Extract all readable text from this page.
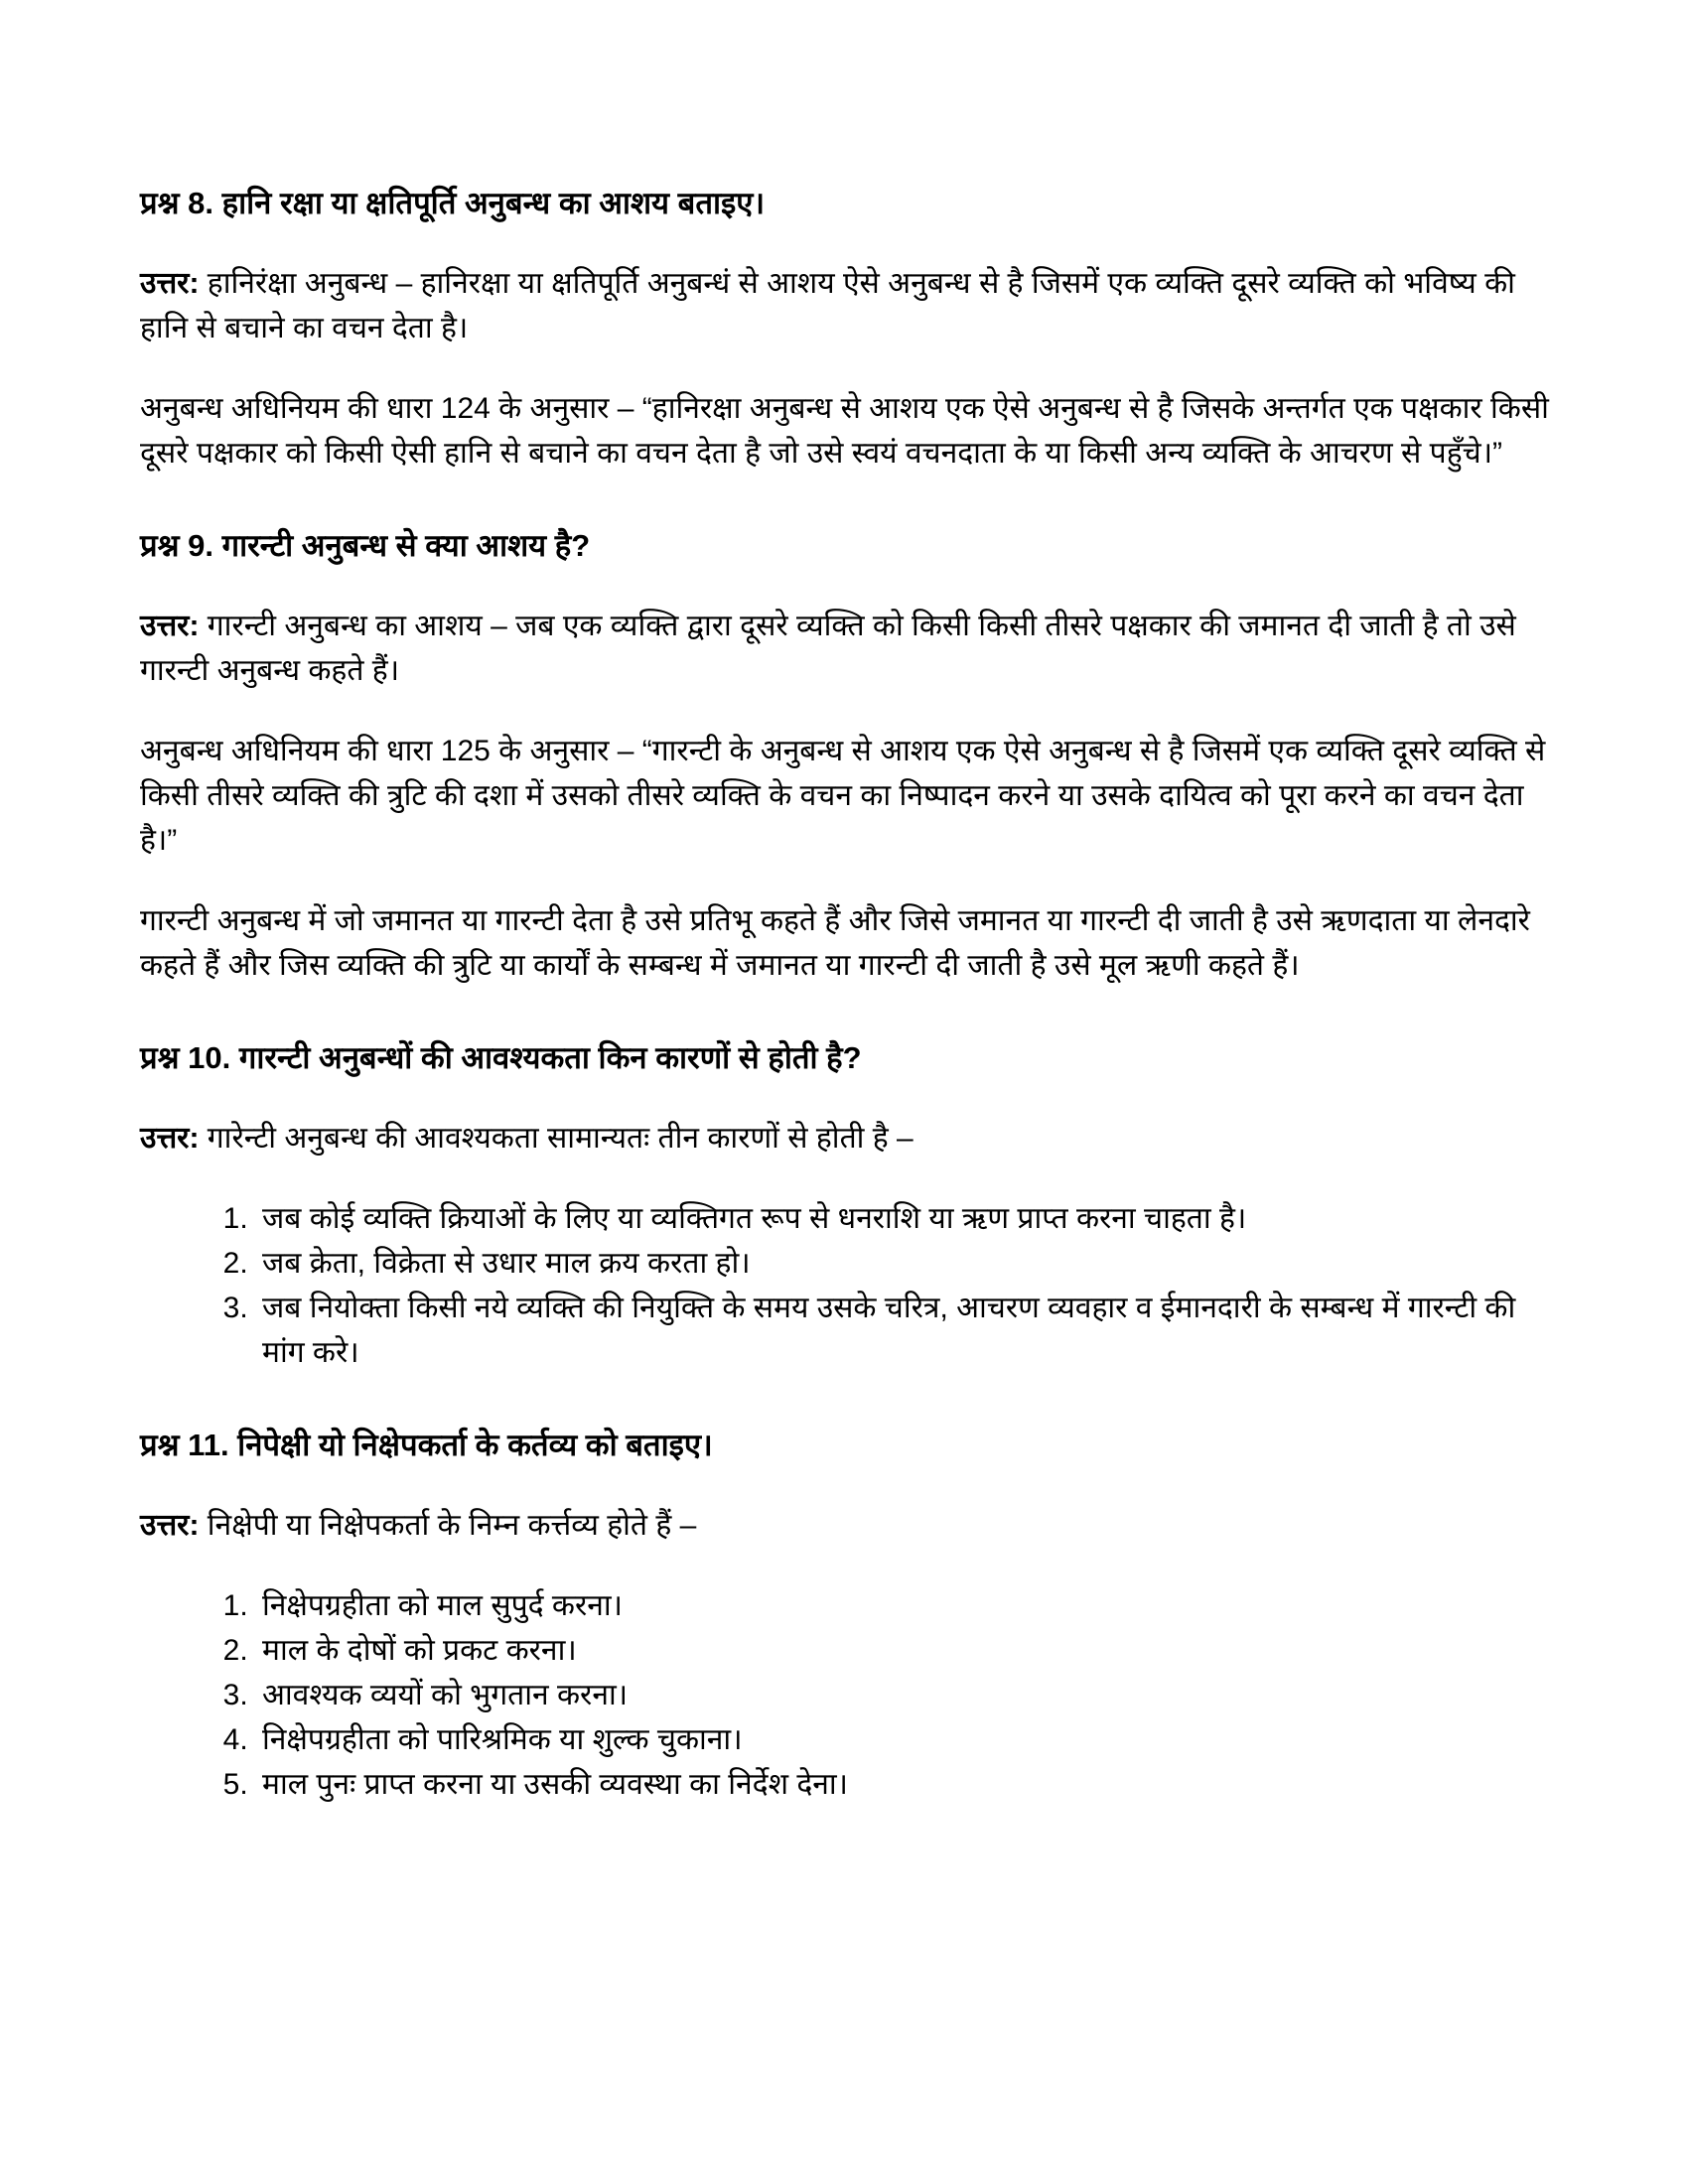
प्रश्न 8. हानि रक्षा या क्षतिपूर्ति अनुबन्ध का आशय बताइए।

उत्तर: हानिरंक्षा अनुबन्ध – हानिरक्षा या क्षतिपूर्ति अनुबन्धं से आशय ऐसे अनुबन्ध से है जिसमें एक व्यक्ति दूसरे व्यक्ति को भविष्य की हानि से बचाने का वचन देता है।

अनुबन्ध अधिनियम की धारा 124 के अनुसार – “हानिरक्षा अनुबन्ध से आशय एक ऐसे अनुबन्ध से है जिसके अन्तर्गत एक पक्षकार किसी दूसरे पक्षकार को किसी ऐसी हानि से बचाने का वचन देता है जो उसे स्वयं वचनदाता के या किसी अन्य व्यक्ति के आचरण से पहुँचे।”

प्रश्न 9. गारन्टी अनुबन्ध से क्या आशय है?

उत्तर: गारन्टी अनुबन्ध का आशय – जब एक व्यक्ति द्वारा दूसरे व्यक्ति को किसी किसी तीसरे पक्षकार की जमानत दी जाती है तो उसे गारन्टी अनुबन्ध कहते हैं।

अनुबन्ध अधिनियम की धारा 125 के अनुसार – “गारन्टी के अनुबन्ध से आशय एक ऐसे अनुबन्ध से है जिसमें एक व्यक्ति दूसरे व्यक्ति से किसी तीसरे व्यक्ति की त्रुटि की दशा में उसको तीसरे व्यक्ति के वचन का निष्पादन करने या उसके दायित्व को पूरा करने का वचन देता है।”

गारन्टी अनुबन्ध में जो जमानत या गारन्टी देता है उसे प्रतिभू कहते हैं और जिसे जमानत या गारन्टी दी जाती है उसे ऋणदाता या लेनदारे कहते हैं और जिस व्यक्ति की त्रुटि या कार्यों के सम्बन्ध में जमानत या गारन्टी दी जाती है उसे मूल ऋणी कहते हैं।

प्रश्न 10. गारन्टी अनुबन्धों की आवश्यकता किन कारणों से होती है?

उत्तर: गारेन्टी अनुबन्ध की आवश्यकता सामान्यतः तीन कारणों से होती है –

1. जब कोई व्यक्ति क्रियाओं के लिए या व्यक्तिगत रूप से धनराशि या ऋण प्राप्त करना चाहता है।
2. जब क्रेता, विक्रेता से उधार माल क्रय करता हो।
3. जब नियोक्ता किसी नये व्यक्ति की नियुक्ति के समय उसके चरित्र, आचरण व्यवहार व ईमानदारी के सम्बन्ध में गारन्टी की मांग करे।
प्रश्न 11. निपेक्षी यो निक्षेपकर्ता के कर्तव्य को बताइए।

उत्तर: निक्षेपी या निक्षेपकर्ता के निम्न कर्त्तव्य होते हैं –

1. निक्षेपग्रहीता को माल सुपुर्द करना।
2. माल के दोषों को प्रकट करना।
3. आवश्यक व्ययों को भुगतान करना।
4. निक्षेपग्रहीता को पारिश्रमिक या शुल्क चुकाना।
5. माल पुनः प्राप्त करना या उसकी व्यवस्था का निर्देश देना।
